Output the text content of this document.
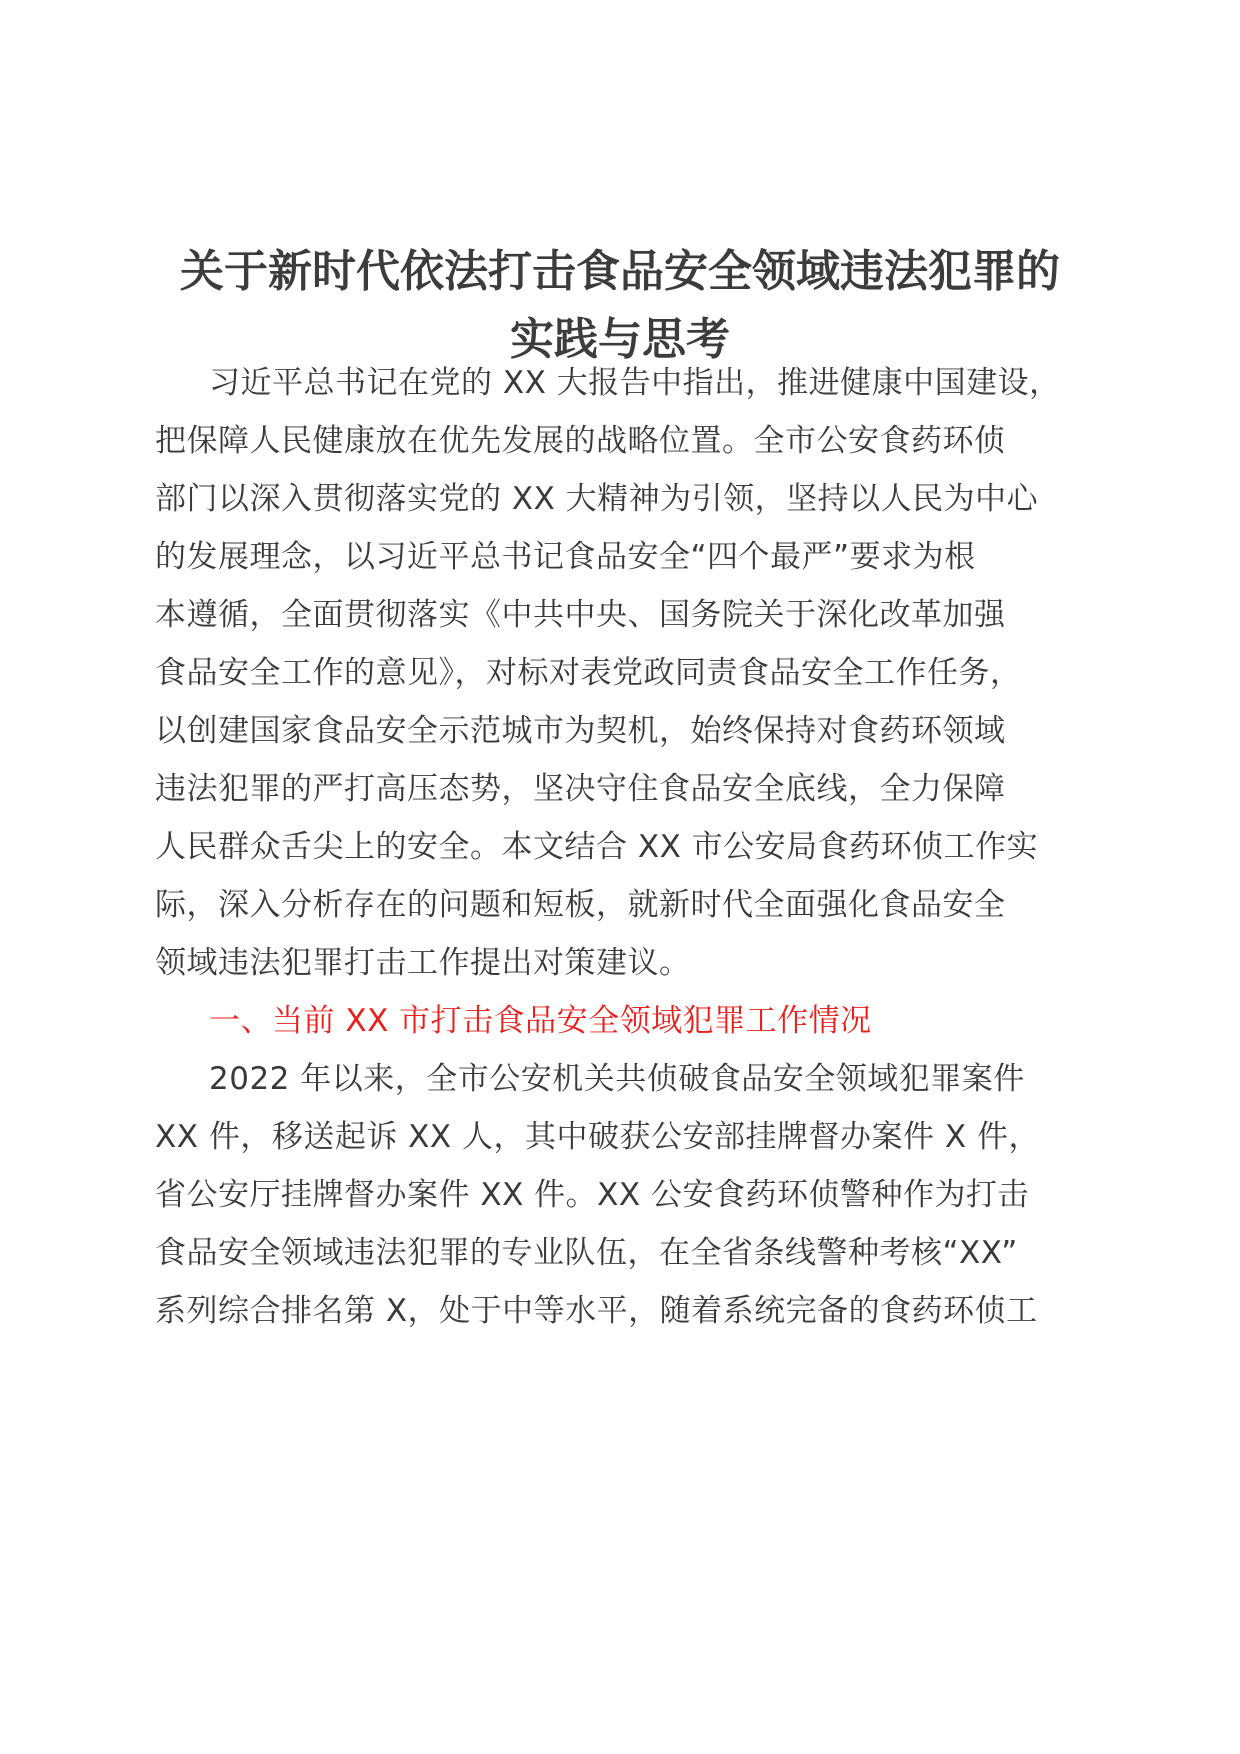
关于新时代依法打击食品安全领域违法犯罪的
实践与思考
习近平总书记在党的 XX 大报告中指出，推进健康中国建设，
把保障人民健康放在优先发展的战略位置。全市公安食药环侦
部门以深入贯彻落实党的 XX 大精神为引领，坚持以人民为中心
的发展理念，以习近平总书记食品安全“四个最严”要求为根
本遵循，全面贯彻落实《中共中央、国务院关于深化改革加强
食品安全工作的意见》，对标对表党政同责食品安全工作任务，
以创建国家食品安全示范城市为契机，始终保持对食药环领域
违法犯罪的严打高压态势，坚决守住食品安全底线，全力保障
人民群众舌尖上的安全。本文结合 XX 市公安局食药环侦工作实
际，深入分析存在的问题和短板，就新时代全面强化食品安全
领域违法犯罪打击工作提出对策建议。
一、当前 XX 市打击食品安全领域犯罪工作情况
2022 年以来，全市公安机关共侦破食品安全领域犯罪案件
XX 件，移送起诉 XX 人，其中破获公安部挂牌督办案件 X 件，
省公安厅挂牌督办案件 XX 件。XX 公安食药环侦警种作为打击
食品安全领域违法犯罪的专业队伍，在全省条线警种考核“XX”
系列综合排名第 X，处于中等水平，随着系统完备的食药环侦工
